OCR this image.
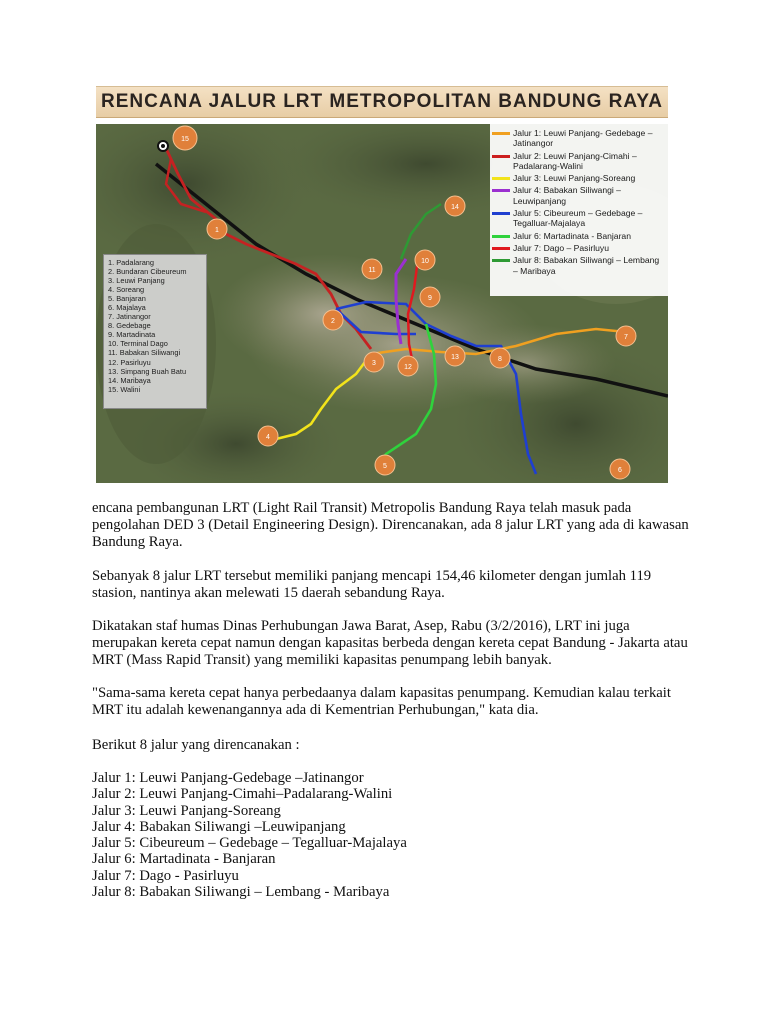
RENCANA JALUR LRT METROPOLITAN BANDUNG RAYA
15
1
2
3
4
5
6
7
8
9
10
11
12
13
14
Jalur 1: Leuwi Panjang- Gedebage – Jatinangor
Jalur 2: Leuwi Panjang-Cimahi – Padalarang-Walini
Jalur 3: Leuwi Panjang-Soreang
Jalur 4: Babakan Siliwangi – Leuwipanjang
Jalur 5: Cibeureum – Gedebage – Tegalluar-Majalaya
Jalur 6: Martadinata - Banjaran
Jalur 7: Dago – Pasirluyu
Jalur 8: Babakan Siliwangi – Lembang – Maribaya
1. Padalarang
2. Bundaran Cibeureum
3. Leuwi Panjang
4. Soreang
5. Banjaran
6. Majalaya
7. Jatinangor
8. Gedebage
9. Martadinata
10. Terminal Dago
11. Babakan Siliwangi
12. Pasirluyu
13. Simpang Buah Batu
14. Maribaya
15. Walini

encana pembangunan LRT (Light Rail Transit) Metropolis Bandung Raya telah masuk pada pengolahan DED 3 (Detail Engineering Design). Direncanakan, ada 8 jalur LRT yang ada di kawasan Bandung Raya.

Sebanyak 8 jalur LRT tersebut memiliki panjang mencapi 154,46 kilometer dengan jumlah 119 stasion, nantinya akan melewati 15 daerah sebandung Raya.

Dikatakan staf humas Dinas Perhubungan Jawa Barat, Asep, Rabu (3/2/2016), LRT ini juga merupakan kereta cepat namun dengan kapasitas berbeda dengan kereta cepat Bandung - Jakarta atau MRT (Mass Rapid Transit) yang memiliki kapasitas penumpang lebih banyak.

"Sama-sama kereta cepat hanya perbedaanya dalam kapasitas penumpang. Kemudian kalau terkait MRT itu adalah kewenangannya ada di Kementrian Perhubungan," kata dia.

Berikut 8 jalur yang direncanakan :

Jalur 1: Leuwi Panjang-Gedebage –Jatinangor

Jalur 2: Leuwi Panjang-Cimahi–Padalarang-Walini

Jalur 3: Leuwi Panjang-Soreang

Jalur 4: Babakan Siliwangi –Leuwipanjang

Jalur 5: Cibeureum – Gedebage – Tegalluar-Majalaya

Jalur 6: Martadinata - Banjaran

Jalur 7: Dago - Pasirluyu

Jalur 8: Babakan Siliwangi – Lembang - Maribaya
